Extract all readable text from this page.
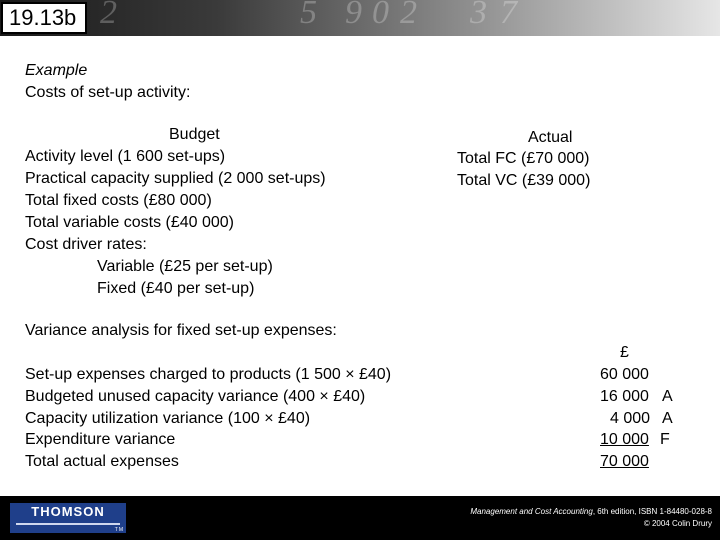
2	5 9 0 2 3 7
19.13b
Example
Costs of set-up activity:
Budget
Activity level (1 600 set-ups)
Practical capacity supplied (2 000 set-ups)
Total fixed costs (£80 000)
Total variable costs (£40 000)
Cost driver rates:
Variable (£25 per set-up)
Fixed (£40 per set-up)
Actual
Total FC (£70 000)
Total VC (£39 000)
Variance analysis for fixed set-up expenses:
£
Set-up expenses charged to products (1 500 × £40)
Budgeted unused capacity variance (400 × £40)
Capacity utilization variance (100 × £40)
Expenditure variance
Total actual expenses
60 000
16 000 A
4 000 A
10 000 F
70 000
THOMSON
TM
Management and Cost Accounting, 6th edition, ISBN 1-84480-028-8
© 2004 Colin Drury
